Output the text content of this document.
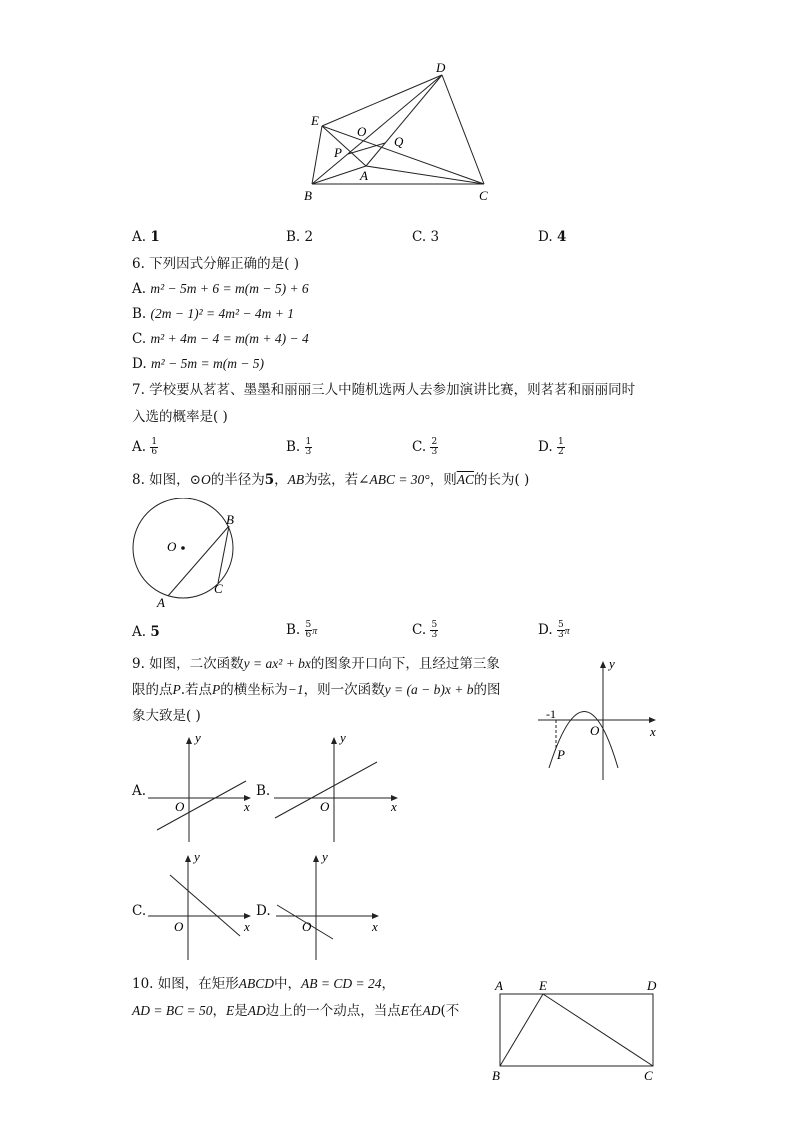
D
E
O
P
Q
A
B	C
A. 1	B. 2	C. 3	D. 4
6. 下列因式分解正确的是( )
A. m² − 5m + 6 = m(m − 5) + 6
B. (2m − 1)² = 4m² − 4m + 1
C. m² + 4m − 4 = m(m + 4) − 4
D. m² − 5m = m(m − 5)
7. 学校要从茗茗、墨墨和丽丽三人中随机选两人去参加演讲比赛，则茗茗和丽丽同时
入选的概率是( )
A. $\frac{1}{6}$	B. $\frac{1}{3}$	C. $\frac{2}{3}$	D. $\frac{1}{2}$
8. 如图，⊙O的半径为5，AB为弦，若∠ABC = 30°，则$\overline{AC}$的长为( )
O
B
C
A
A. 5	B. $\frac{5}{6}$ π	C. $\frac{5}{3}$	D. $\frac{5}{3}$ π
9. 如图，二次函数y = ax² + bx的图象开口向下，且经过第三象
限的点P.若点P的横坐标为−1，则一次函数y = (a − b)x + b的图
象大致是( )
y
x
O
-1
P
A.
y
x
O
B.
y
x
O
C.
y
x
O
D.
y
x
O
10. 如图，在矩形ABCD中，AB = CD = 24，
AD = BC = 50，E是AD边上的一个动点，当点E在AD(不
A	E	D
B	C
